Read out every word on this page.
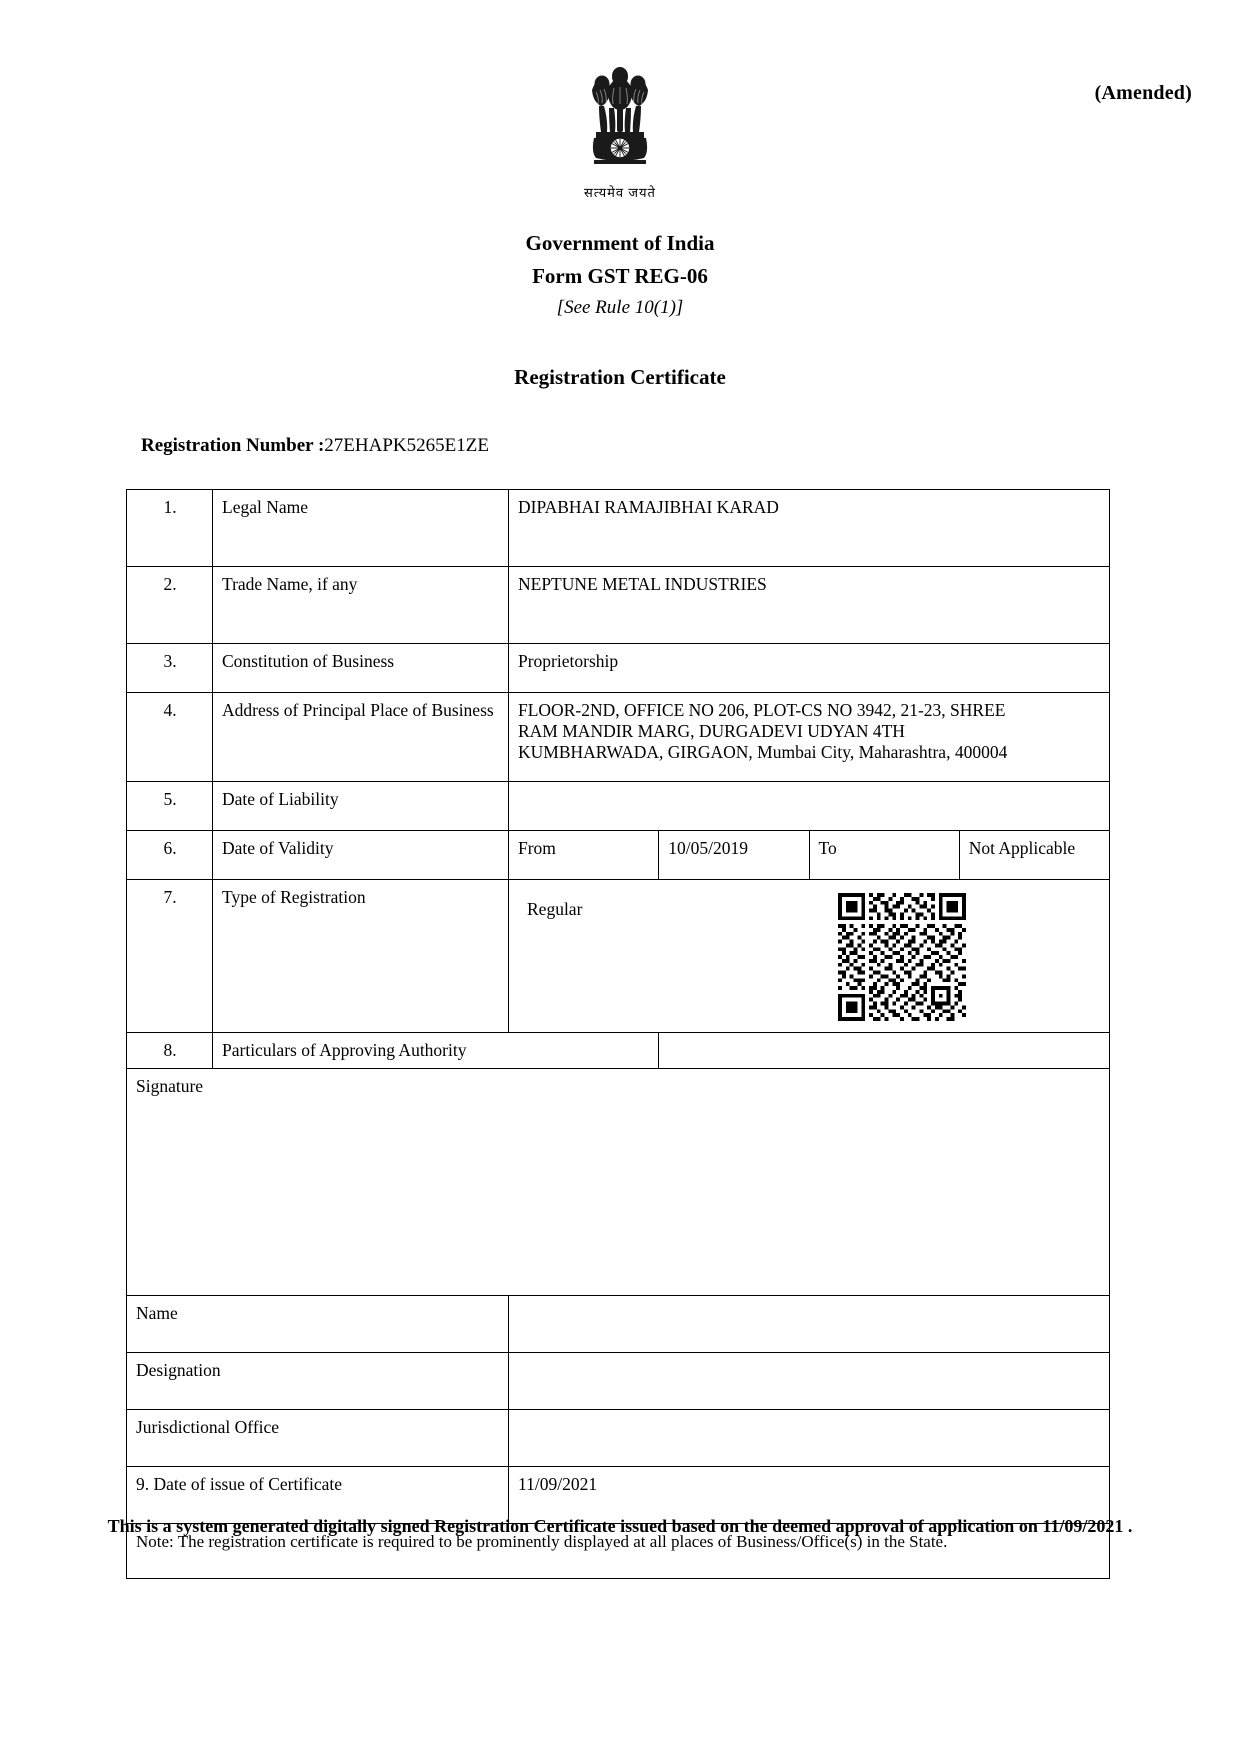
(Amended)
सत्यमेव जयते
Government of India
Form GST REG-06
[See Rule 10(1)]
Registration Certificate
Registration Number :27EHAPK5265E1ZE
1.	Legal Name	DIPABHAI RAMAJIBHAI KARAD			
2.	Trade Name, if any	NEPTUNE METAL INDUSTRIES			
3.	Constitution of Business	Proprietorship			
4.	Address of Principal Place of Business	FLOOR-2ND, OFFICE NO 206, PLOT-CS NO 3942, 21-23, SHREE
RAM MANDIR MARG, DURGADEVI UDYAN 4TH
KUMBHARWADA, GIRGAON, Mumbai City, Maharashtra, 400004			

5.	Date of Liability				
6.	Date of Validity	From	10/05/2019	To	Not Applicable
7.	Type of Registration	Regular			

8.	Particulars of Approving Authority				
Signature					
Name					
Designation					
Jurisdictional Office					
9. Date of issue of Certificate		11/09/2021			
Note: The registration certificate is required to be prominently displayed at all places of Business/Office(s) in the State.					
This is a system generated digitally signed Registration Certificate issued based on the deemed approval of application on 11/09/2021 .
